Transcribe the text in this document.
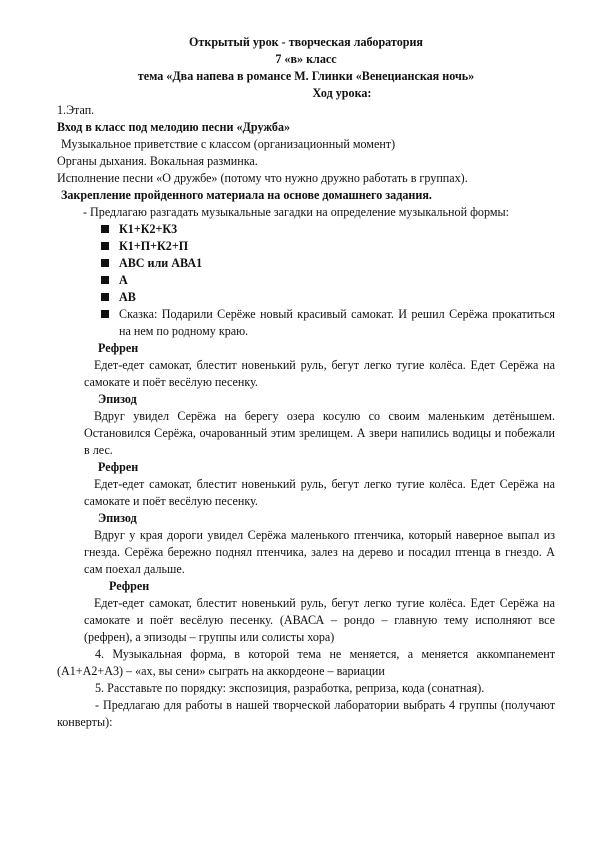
Открытый урок - творческая лаборатория

7 «в» класс

тема «Два напева в романсе М. Глинки «Венецианская ночь»

Ход урока:

1.Этап.

Вход в класс под мелодию песни «Дружба»

Музыкальное приветствие с классом (организационный момент)

Органы дыхания. Вокальная разминка.

Исполнение песни «О дружбе» (потому что нужно дружно работать в группах).

Закрепление пройденного материала на основе домашнего задания.

- Предлагаю разгадать музыкальные загадки на определение музыкальной формы:

К1+К2+К3
К1+П+К2+П
АВС или АВА1
А
АВ
Сказка: Подарили Серёже новый красивый самокат. И решил Серёжа прокатиться на нем по родному краю.

Рефрен

Едет-едет самокат, блестит новенький руль, бегут легко тугие колёса. Едет Серёжа на самокате и поёт весёлую песенку.

Эпизод

Вдруг увидел Серёжа на берегу озера косулю со своим маленьким детёнышем. Остановился Серёжа, очарованный этим зрелищем. А звери напились водицы и побежали в лес.

Рефрен

Едет-едет самокат, блестит новенький руль, бегут легко тугие колёса. Едет Серёжа на самокате и поёт весёлую песенку.

Эпизод

Вдруг у края дороги увидел Серёжа маленького птенчика, который наверное выпал из гнезда. Серёжа бережно поднял птенчика, залез на дерево и посадил птенца в гнездо. А сам поехал дальше.

Рефрен

Едет-едет самокат, блестит новенький руль, бегут легко тугие колёса. Едет Серёжа на самокате и поёт весёлую песенку. (АВАСА – рондо – главную тему исполняют все (рефрен), а эпизоды – группы или солисты хора)

4. Музыкальная форма, в которой тема не меняется, а меняется аккомпанемент (А1+А2+А3) – «ах, вы сени» сыграть на аккордеоне – вариации

5. Расставьте по порядку: экспозиция, разработка, реприза, кода (сонатная).

- Предлагаю для работы в нашей творческой лаборатории выбрать 4 группы (получают конверты):
